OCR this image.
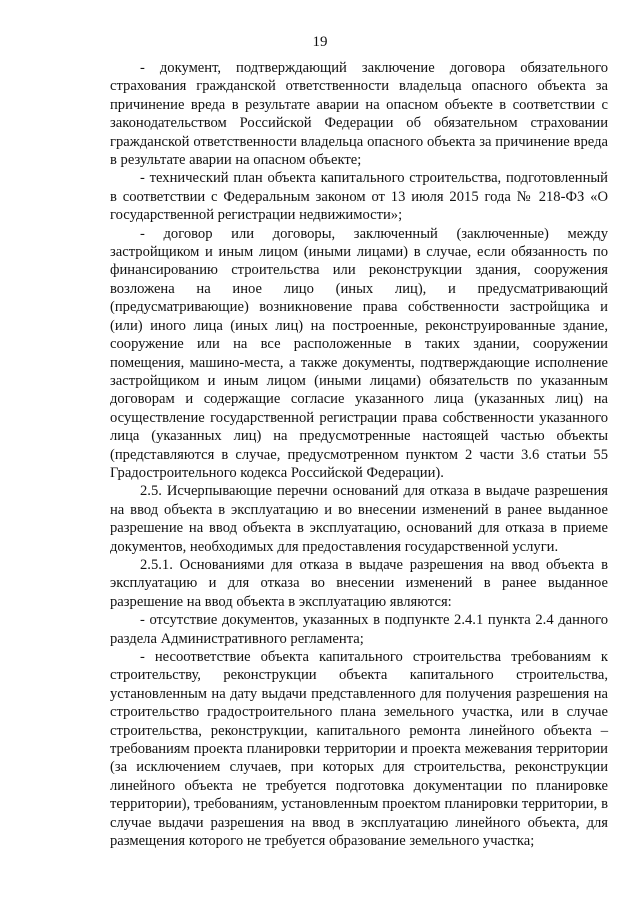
19

- документ, подтверждающий заключение договора обязательного страхования гражданской ответственности владельца опасного объекта за причинение вреда в результате аварии на опасном объекте в соответствии с законодательством Российской Федерации об обязательном страховании гражданской ответственности владельца опасного объекта за причинение вреда в результате аварии на опасном объекте;

- технический план объекта капитального строительства, подготовленный в соответствии с Федеральным законом от 13 июля 2015 года № 218-ФЗ «О государственной регистрации недвижимости»;

- договор или договоры, заключенный (заключенные) между застройщиком и иным лицом (иными лицами) в случае, если обязанность по финансированию строительства или реконструкции здания, сооружения возложена на иное лицо (иных лиц), и предусматривающий (предусматривающие) возникновение права собственности застройщика и (или) иного лица (иных лиц) на построенные, реконструированные здание, сооружение или на все расположенные в таких здании, сооружении помещения, машино-места, а также документы, подтверждающие исполнение застройщиком и иным лицом (иными лицами) обязательств по указанным договорам и содержащие согласие указанного лица (указанных лиц) на осуществление государственной регистрации права собственности указанного лица (указанных лиц) на предусмотренные настоящей частью объекты (представляются в случае, предусмотренном пунктом 2 части 3.6 статьи 55 Градостроительного кодекса Российской Федерации).

2.5. Исчерпывающие перечни оснований для отказа в выдаче разрешения на ввод объекта в эксплуатацию и во внесении изменений в ранее выданное разрешение на ввод объекта в эксплуатацию, оснований для отказа в приеме документов, необходимых для предоставления государственной услуги.

2.5.1. Основаниями для отказа в выдаче разрешения на ввод объекта в эксплуатацию и для отказа во внесении изменений в ранее выданное разрешение на ввод объекта в эксплуатацию являются:

- отсутствие документов, указанных в подпункте 2.4.1 пункта 2.4 данного раздела Административного регламента;

- несоответствие объекта капитального строительства требованиям к строительству, реконструкции объекта капитального строительства, установленным на дату выдачи представленного для получения разрешения на строительство градостроительного плана земельного участка, или в случае строительства, реконструкции, капитального ремонта линейного объекта – требованиям проекта планировки территории и проекта межевания территории (за исключением случаев, при которых для строительства, реконструкции линейного объекта не требуется подготовка документации по планировке территории), требованиям, установленным проектом планировки территории, в случае выдачи разрешения на ввод в эксплуатацию линейного объекта, для размещения которого не требуется образование земельного участка;
